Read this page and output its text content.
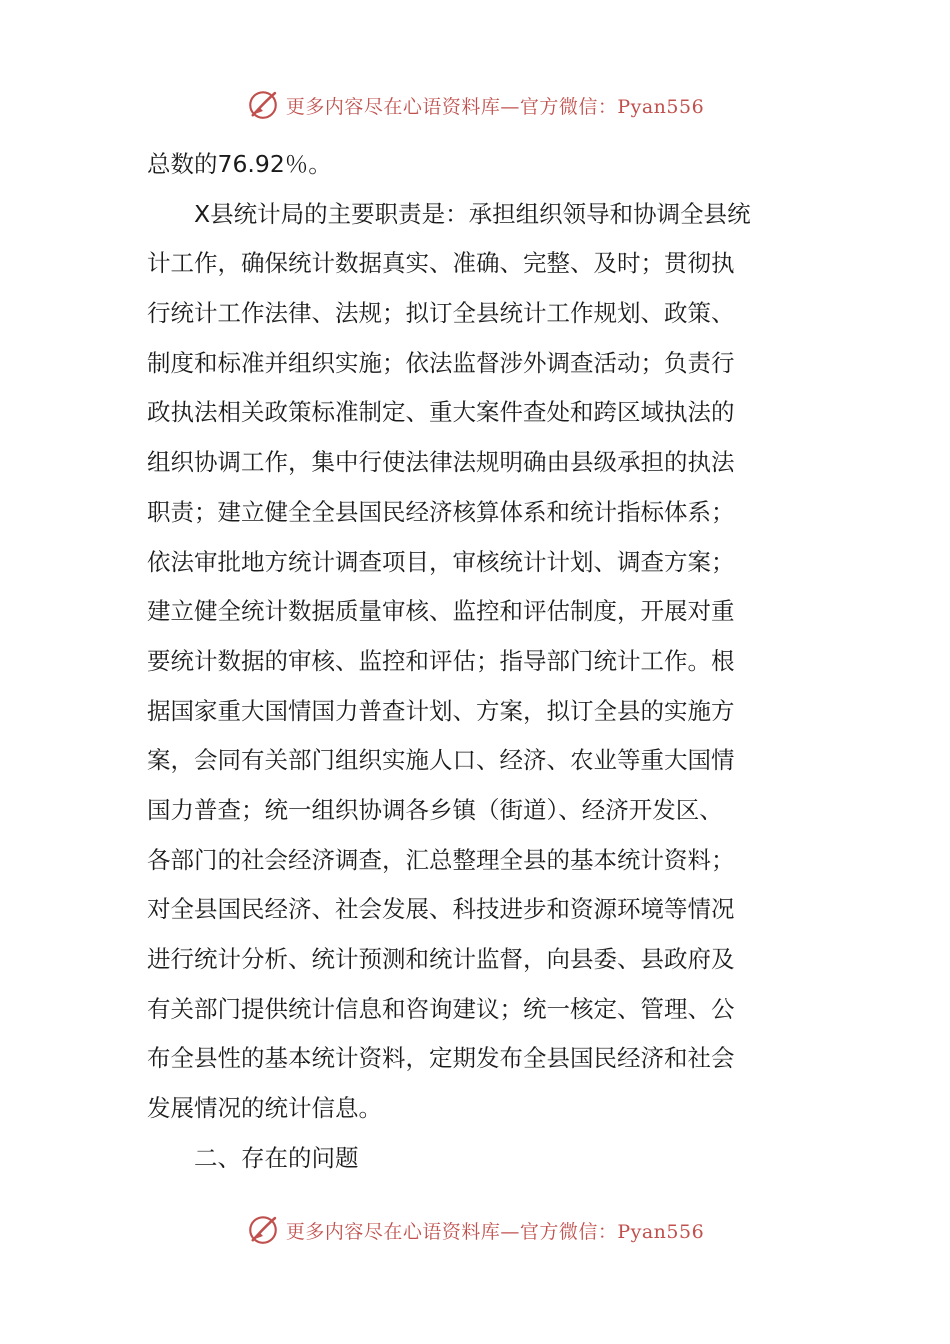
更多内容尽在心语资料库—官方微信：Pyan556
总数的76.92％。
X县统计局的主要职责是：承担组织领导和协调全县统
计工作，确保统计数据真实、准确、完整、及时；贯彻执
行统计工作法律、法规；拟订全县统计工作规划、政策、
制度和标准并组织实施；依法监督涉外调查活动；负责行
政执法相关政策标准制定、重大案件查处和跨区域执法的
组织协调工作，集中行使法律法规明确由县级承担的执法
职责；建立健全全县国民经济核算体系和统计指标体系；
依法审批地方统计调查项目，审核统计计划、调查方案；
建立健全统计数据质量审核、监控和评估制度，开展对重
要统计数据的审核、监控和评估；指导部门统计工作。根
据国家重大国情国力普查计划、方案，拟订全县的实施方
案，会同有关部门组织实施人口、经济、农业等重大国情
国力普查；统一组织协调各乡镇（街道）、经济开发区、
各部门的社会经济调查，汇总整理全县的基本统计资料；
对全县国民经济、社会发展、科技进步和资源环境等情况
进行统计分析、统计预测和统计监督，向县委、县政府及
有关部门提供统计信息和咨询建议；统一核定、管理、公
布全县性的基本统计资料，定期发布全县国民经济和社会
发展情况的统计信息。
二、存在的问题
更多内容尽在心语资料库—官方微信：Pyan556
